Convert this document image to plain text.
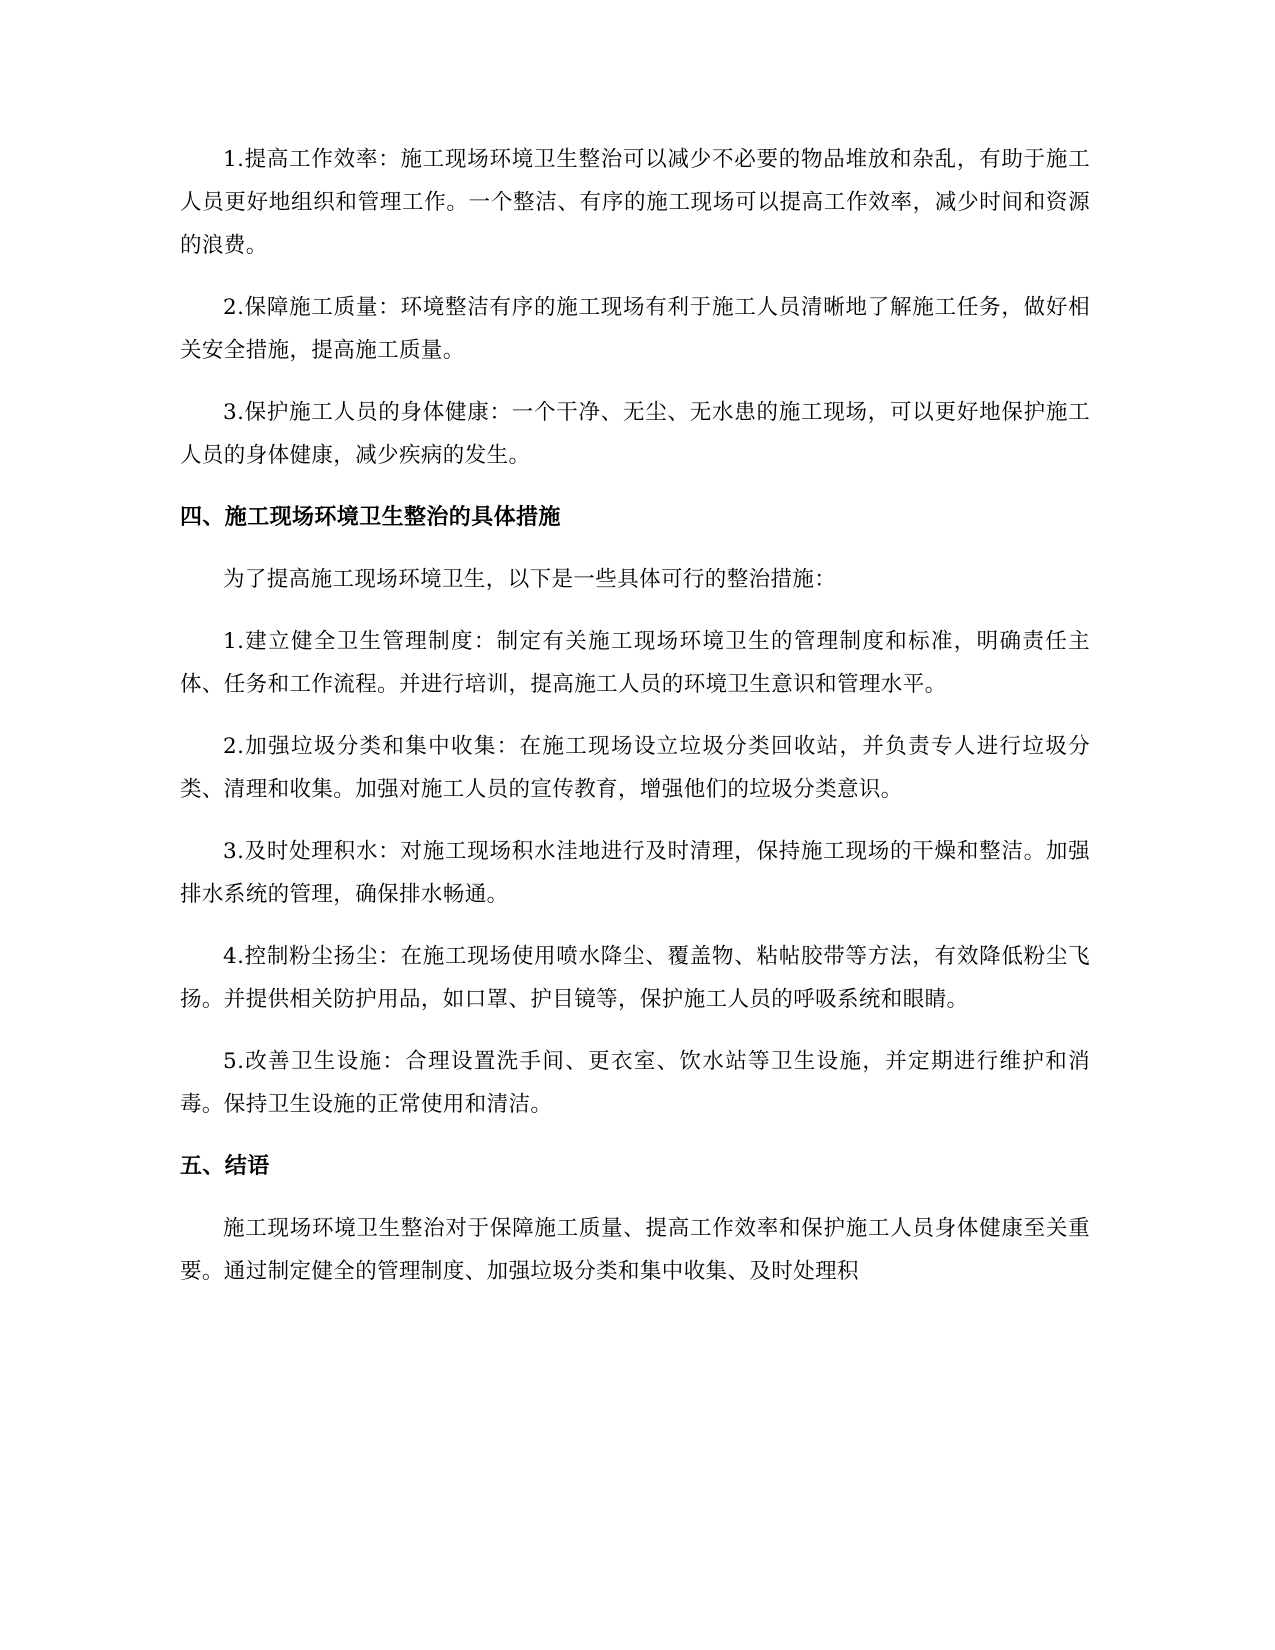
1.提高工作效率：施工现场环境卫生整治可以减少不必要的物品堆放和杂乱，有助于施工人员更好地组织和管理工作。一个整洁、有序的施工现场可以提高工作效率，减少时间和资源的浪费。

2.保障施工质量：环境整洁有序的施工现场有利于施工人员清晰地了解施工任务，做好相关安全措施，提高施工质量。

3.保护施工人员的身体健康：一个干净、无尘、无水患的施工现场，可以更好地保护施工人员的身体健康，减少疾病的发生。

四、施工现场环境卫生整治的具体措施

为了提高施工现场环境卫生，以下是一些具体可行的整治措施：

1.建立健全卫生管理制度：制定有关施工现场环境卫生的管理制度和标准，明确责任主体、任务和工作流程。并进行培训，提高施工人员的环境卫生意识和管理水平。

2.加强垃圾分类和集中收集：在施工现场设立垃圾分类回收站，并负责专人进行垃圾分类、清理和收集。加强对施工人员的宣传教育，增强他们的垃圾分类意识。

3.及时处理积水：对施工现场积水洼地进行及时清理，保持施工现场的干燥和整洁。加强排水系统的管理，确保排水畅通。

4.控制粉尘扬尘：在施工现场使用喷水降尘、覆盖物、粘帖胶带等方法，有效降低粉尘飞扬。并提供相关防护用品，如口罩、护目镜等，保护施工人员的呼吸系统和眼睛。

5.改善卫生设施：合理设置洗手间、更衣室、饮水站等卫生设施，并定期进行维护和消毒。保持卫生设施的正常使用和清洁。

五、结语

施工现场环境卫生整治对于保障施工质量、提高工作效率和保护施工人员身体健康至关重要。通过制定健全的管理制度、加强垃圾分类和集中收集、及时处理积
